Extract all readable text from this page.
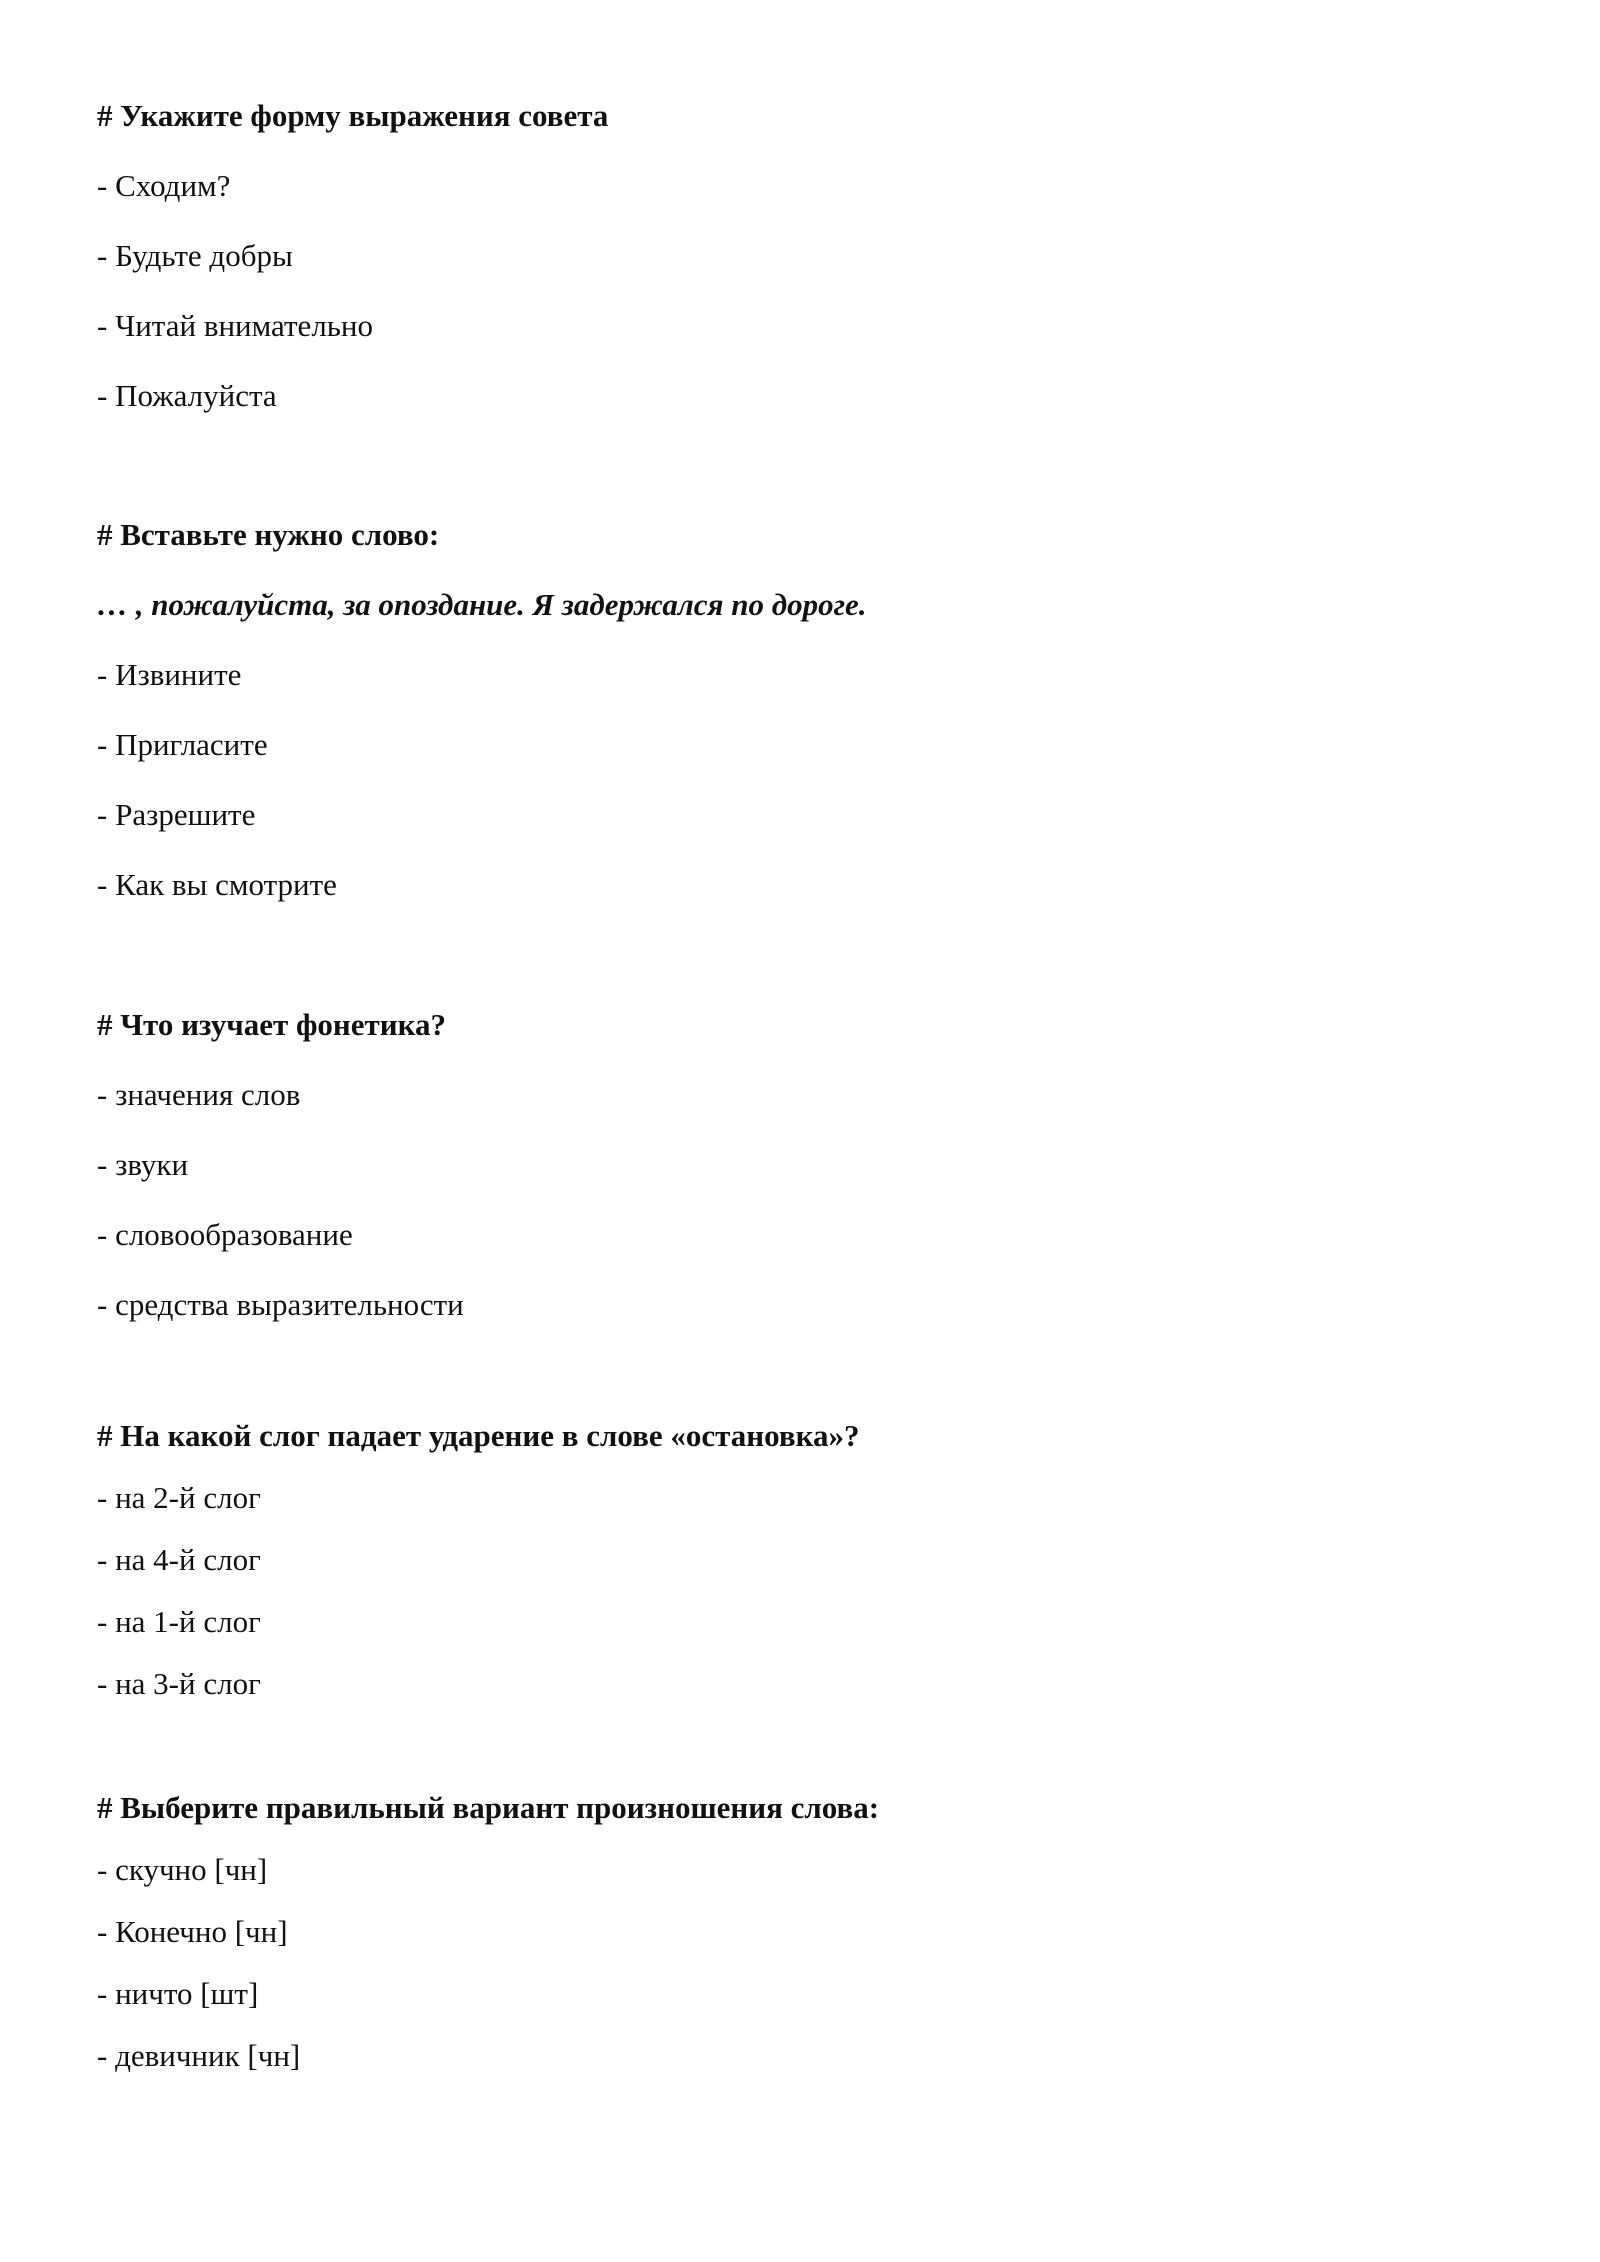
# Укажите форму выражения совета

- Сходим?

- Будьте добры

- Читай внимательно

- Пожалуйста

# Вставьте нужно слово:

… , пожалуйста, за опоздание. Я задержался по дороге.

- Извините

- Пригласите

- Разрешите

- Как вы смотрите

# Что изучает фонетика?

- значения слов

- звуки

- словообразование

- средства выразительности

# На какой слог падает ударение в слове «остановка»?

- на 2-й слог

- на 4-й слог

- на 1-й слог

- на 3-й слог

# Выберите правильный вариант произношения слова:

- скучно [чн]

- Конечно [чн]

- ничто [шт]

- девичник [чн]
